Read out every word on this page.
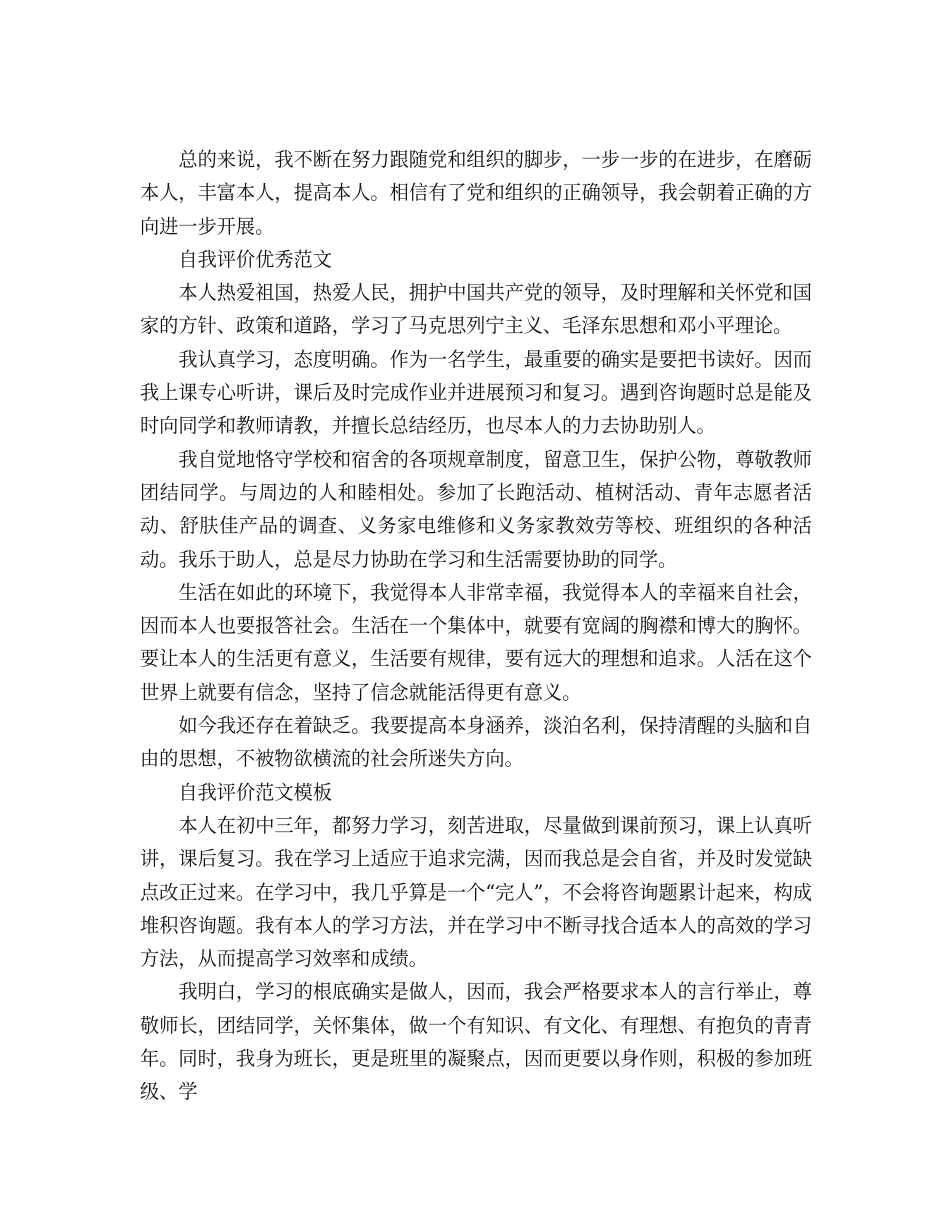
总的来说，我不断在努力跟随党和组织的脚步，一步一步的在进步，在磨砺本人，丰富本人，提高本人。相信有了党和组织的正确领导，我会朝着正确的方向进一步开展。

自我评价优秀范文

本人热爱祖国，热爱人民，拥护中国共产党的领导，及时理解和关怀党和国家的方针、政策和道路，学习了马克思列宁主义、毛泽东思想和邓小平理论。

我认真学习，态度明确。作为一名学生，最重要的确实是要把书读好。因而我上课专心听讲，课后及时完成作业并进展预习和复习。遇到咨询题时总是能及时向同学和教师请教，并擅长总结经历，也尽本人的力去协助别人。

我自觉地恪守学校和宿舍的各项规章制度，留意卫生，保护公物，尊敬教师团结同学。与周边的人和睦相处。参加了长跑活动、植树活动、青年志愿者活动、舒肤佳产品的调查、义务家电维修和义务家教效劳等校、班组织的各种活动。我乐于助人，总是尽力协助在学习和生活需要协助的同学。

生活在如此的环境下，我觉得本人非常幸福，我觉得本人的幸福来自社会，因而本人也要报答社会。生活在一个集体中，就要有宽阔的胸襟和博大的胸怀。要让本人的生活更有意义，生活要有规律，要有远大的理想和追求。人活在这个世界上就要有信念，坚持了信念就能活得更有意义。

如今我还存在着缺乏。我要提高本身涵养，淡泊名利，保持清醒的头脑和自由的思想，不被物欲横流的社会所迷失方向。

自我评价范文模板

本人在初中三年，都努力学习，刻苦进取，尽量做到课前预习，课上认真听讲，课后复习。我在学习上适应于追求完满，因而我总是会自省，并及时发觉缺点改正过来。在学习中，我几乎算是一个“完人”，不会将咨询题累计起来，构成堆积咨询题。我有本人的学习方法，并在学习中不断寻找合适本人的高效的学习方法，从而提高学习效率和成绩。

我明白，学习的根底确实是做人，因而，我会严格要求本人的言行举止，尊敬师长，团结同学，关怀集体，做一个有知识、有文化、有理想、有抱负的青青年。同时，我身为班长，更是班里的凝聚点，因而更要以身作则，积极的参加班级、学
